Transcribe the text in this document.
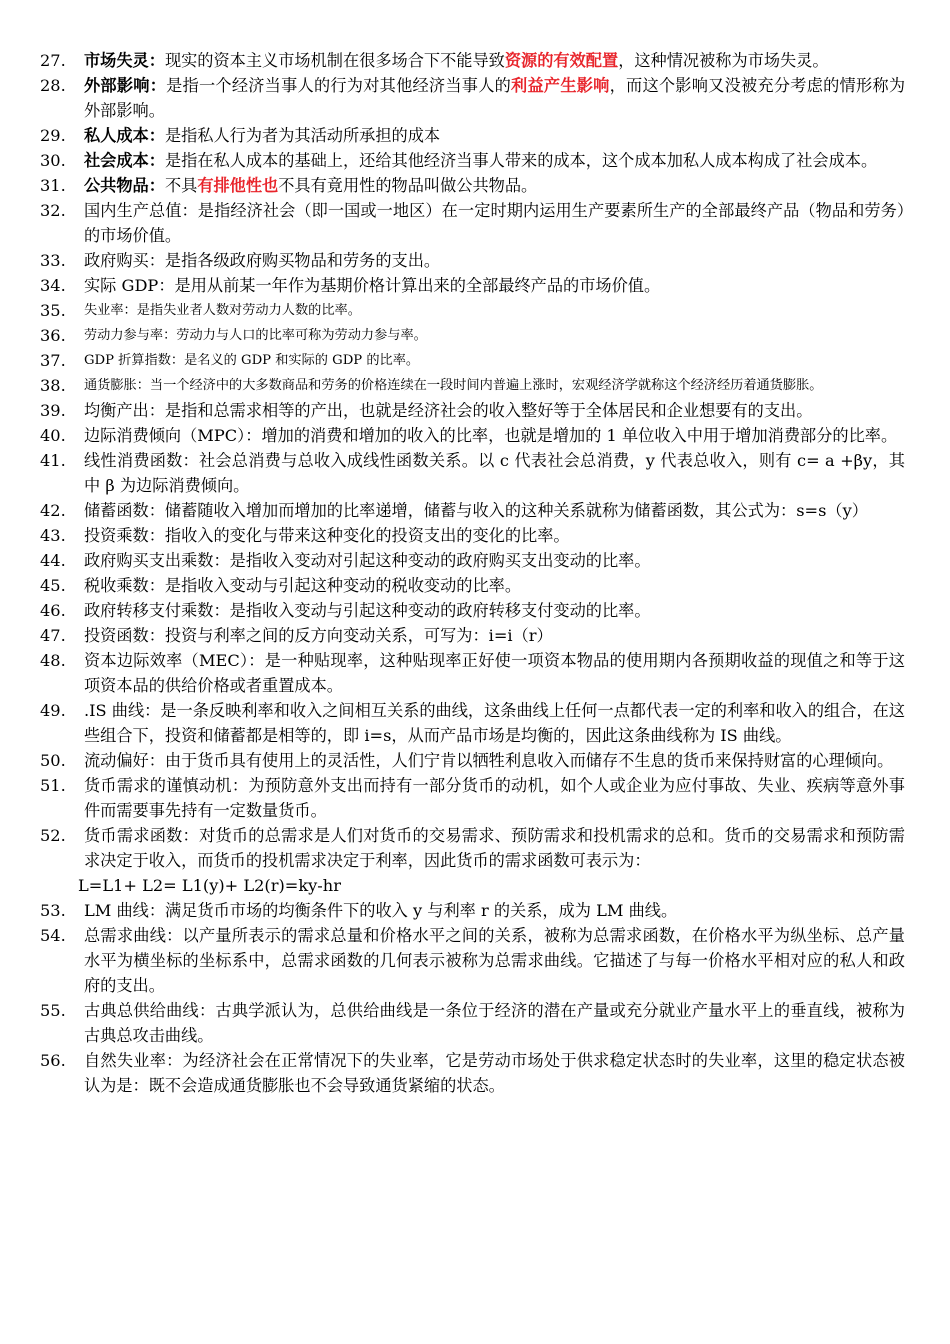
27.	市场失灵：现实的资本主义市场机制在很多场合下不能导致资源的有效配置，这种情况被称为市场失灵。
28.	外部影响：是指一个经济当事人的行为对其他经济当事人的利益产生影响，而这个影响又没被充分考虑的情形称为外部影响。
29.	私人成本：是指私人行为者为其活动所承担的成本
30.	社会成本：是指在私人成本的基础上，还给其他经济当事人带来的成本，这个成本加私人成本构成了社会成本。
31.	公共物品：不具有排他性也不具有竟用性的物品叫做公共物品。
32.	国内生产总值：是指经济社会（即一国或一地区）在一定时期内运用生产要素所生产的全部最终产品（物品和劳务）的市场价值。
33.	政府购买：是指各级政府购买物品和劳务的支出。
34.	实际 GDP：是用从前某一年作为基期价格计算出来的全部最终产品的市场价值。
35.	失业率：是指失业者人数对劳动力人数的比率。
36.	劳动力参与率：劳动力与人口的比率可称为劳动力参与率。
37.	GDP 折算指数：是名义的 GDP 和实际的 GDP 的比率。
38.	通货膨胀：当一个经济中的大多数商品和劳务的价格连续在一段时间内普遍上涨时，宏观经济学就称这个经济经历着通货膨胀。
39.	均衡产出：是指和总需求相等的产出，也就是经济社会的收入整好等于全体居民和企业想要有的支出。
40.	边际消费倾向（MPC）：增加的消费和增加的收入的比率，也就是增加的 1 单位收入中用于增加消费部分的比率。
41.	线性消费函数：社会总消费与总收入成线性函数关系。以 c 代表社会总消费，y 代表总收入，则有 c= a +βy，其中 β 为边际消费倾向。
42.	储蓄函数：储蓄随收入增加而增加的比率递增，储蓄与收入的这种关系就称为储蓄函数，其公式为：s=s（y）
43.	投资乘数：指收入的变化与带来这种变化的投资支出的变化的比率。
44.	政府购买支出乘数：是指收入变动对引起这种变动的政府购买支出变动的比率。
45.	税收乘数：是指收入变动与引起这种变动的税收变动的比率。
46.	政府转移支付乘数：是指收入变动与引起这种变动的政府转移支付变动的比率。
47.	投资函数：投资与利率之间的反方向变动关系，可写为：i=i（r）
48.	资本边际效率（MEC）：是一种贴现率，这种贴现率正好使一项资本物品的使用期内各预期收益的现值之和等于这项资本品的供给价格或者重置成本。
49.	.IS 曲线：是一条反映利率和收入之间相互关系的曲线，这条曲线上任何一点都代表一定的利率和收入的组合，在这些组合下，投资和储蓄都是相等的，即 i=s，从而产品市场是均衡的，因此这条曲线称为 IS 曲线。
50.	流动偏好：由于货币具有使用上的灵活性，人们宁肯以牺牲利息收入而储存不生息的货币来保持财富的心理倾向。
51.	货币需求的谨慎动机：为预防意外支出而持有一部分货币的动机，如个人或企业为应付事故、失业、疾病等意外事件而需要事先持有一定数量货币。
52.	货币需求函数：对货币的总需求是人们对货币的交易需求、预防需求和投机需求的总和。货币的交易需求和预防需求决定于收入，而货币的投机需求决定于利率，因此货币的需求函数可表示为：
L=L1+ L2= L1(y)+ L2(r)=ky-hr
53.	LM 曲线：满足货币市场的均衡条件下的收入 y 与利率 r 的关系，成为 LM 曲线。
54.	总需求曲线：以产量所表示的需求总量和价格水平之间的关系，被称为总需求函数，在价格水平为纵坐标、总产量水平为横坐标的坐标系中，总需求函数的几何表示被称为总需求曲线。它描述了与每一价格水平相对应的私人和政府的支出。
55.	古典总供给曲线：古典学派认为，总供给曲线是一条位于经济的潜在产量或充分就业产量水平上的垂直线，被称为古典总攻击曲线。
56.	自然失业率：为经济社会在正常情况下的失业率，它是劳动市场处于供求稳定状态时的失业率，这里的稳定状态被认为是：既不会造成通货膨胀也不会导致通货紧缩的状态。
